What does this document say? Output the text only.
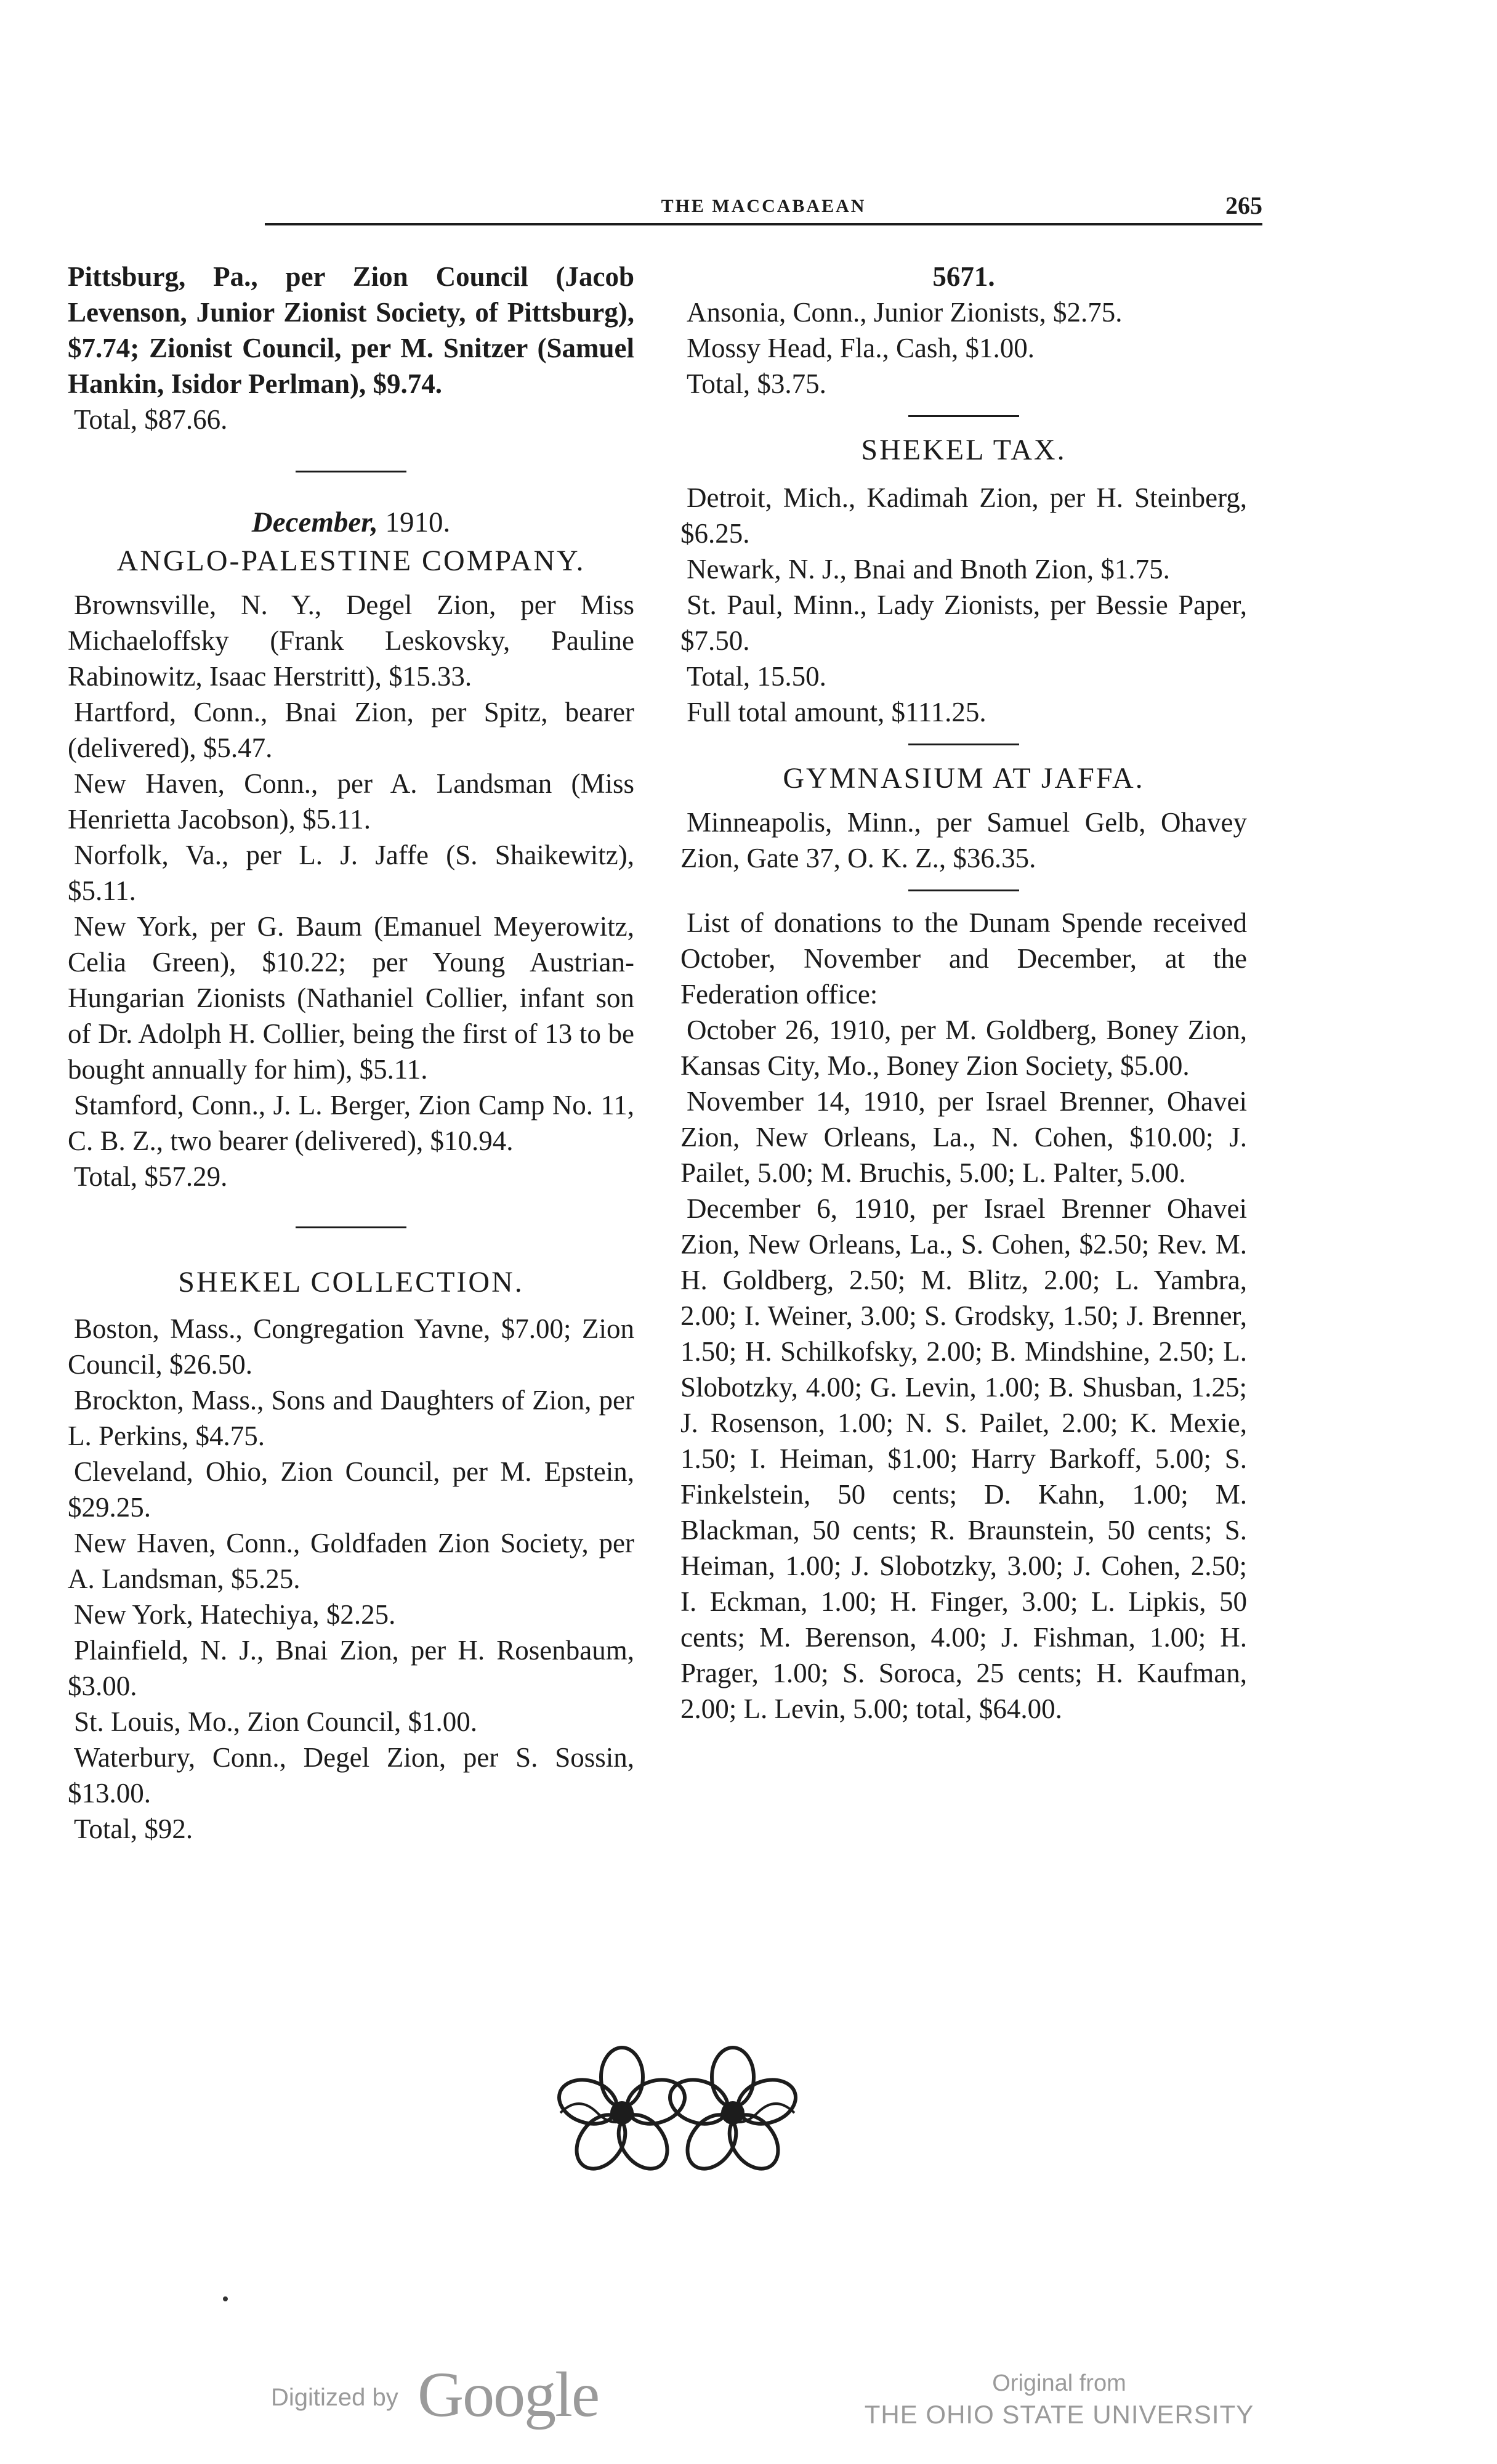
THE MACCABAEAN	265

Pittsburg, Pa., per Zion Council (Jacob Levenson, Junior Zionist Society, of Pittsburg), $7.74; Zionist Council, per M. Snitzer (Samuel Hankin, Isidor Perlman), $9.74.

Total, $87.66.

December, 1910.

ANGLO-PALESTINE COMPANY.

Brownsville, N. Y., Degel Zion, per Miss Michaeloffsky (Frank Leskovsky, Pauline Rabinowitz, Isaac Herstritt), $15.33.

Hartford, Conn., Bnai Zion, per Spitz, bearer (delivered), $5.47.

New Haven, Conn., per A. Landsman (Miss Henrietta Jacobson), $5.11.

Norfolk, Va., per L. J. Jaffe (S. Shaikewitz), $5.11.

New York, per G. Baum (Emanuel Meyerowitz, Celia Green), $10.22; per Young Austrian-Hungarian Zionists (Nathaniel Collier, infant son of Dr. Adolph H. Collier, being the first of 13 to be bought annually for him), $5.11.

Stamford, Conn., J. L. Berger, Zion Camp No. 11, C. B. Z., two bearer (delivered), $10.94.

Total, $57.29.

SHEKEL COLLECTION.

Boston, Mass., Congregation Yavne, $7.00; Zion Council, $26.50.

Brockton, Mass., Sons and Daughters of Zion, per L. Perkins, $4.75.

Cleveland, Ohio, Zion Council, per M. Epstein, $29.25.

New Haven, Conn., Goldfaden Zion Society, per A. Landsman, $5.25.

New York, Hatechiya, $2.25.

Plainfield, N. J., Bnai Zion, per H. Rosenbaum, $3.00.

St. Louis, Mo., Zion Council, $1.00.

Waterbury, Conn., Degel Zion, per S. Sossin, $13.00.

Total, $92.

5671.

Ansonia, Conn., Junior Zionists, $2.75.

Mossy Head, Fla., Cash, $1.00.

Total, $3.75.

SHEKEL TAX.

Detroit, Mich., Kadimah Zion, per H. Steinberg, $6.25.

Newark, N. J., Bnai and Bnoth Zion, $1.75.

St. Paul, Minn., Lady Zionists, per Bessie Paper, $7.50.

Total, 15.50.

Full total amount, $111.25.

GYMNASIUM AT JAFFA.

Minneapolis, Minn., per Samuel Gelb, Ohavey Zion, Gate 37, O. K. Z., $36.35.

List of donations to the Dunam Spende received October, November and December, at the Federation office:

October 26, 1910, per M. Goldberg, Boney Zion, Kansas City, Mo., Boney Zion Society, $5.00.

November 14, 1910, per Israel Brenner, Ohavei Zion, New Orleans, La., N. Cohen, $10.00; J. Pailet, 5.00; M. Bruchis, 5.00; L. Palter, 5.00.

December 6, 1910, per Israel Brenner Ohavei Zion, New Orleans, La., S. Cohen, $2.50; Rev. M. H. Goldberg, 2.50; M. Blitz, 2.00; L. Yambra, 2.00; I. Weiner, 3.00; S. Grodsky, 1.50; J. Brenner, 1.50; H. Schilkofsky, 2.00; B. Mindshine, 2.50; L. Slobotzky, 4.00; G. Levin, 1.00; B. Shusban, 1.25; J. Rosenson, 1.00; N. S. Pailet, 2.00; K. Mexie, 1.50; I. Heiman, $1.00; Harry Barkoff, 5.00; S. Finkelstein, 50 cents; D. Kahn, 1.00; M. Blackman, 50 cents; R. Braunstein, 50 cents; S. Heiman, 1.00; J. Slobotzky, 3.00; J. Cohen, 2.50; I. Eckman, 1.00; H. Finger, 3.00; L. Lipkis, 50 cents; M. Berenson, 4.00; J. Fishman, 1.00; H. Prager, 1.00; S. Soroca, 25 cents; H. Kaufman, 2.00; L. Levin, 5.00; total, $64.00.

Digitized by Google	Original from
THE OHIO STATE UNIVERSITY
